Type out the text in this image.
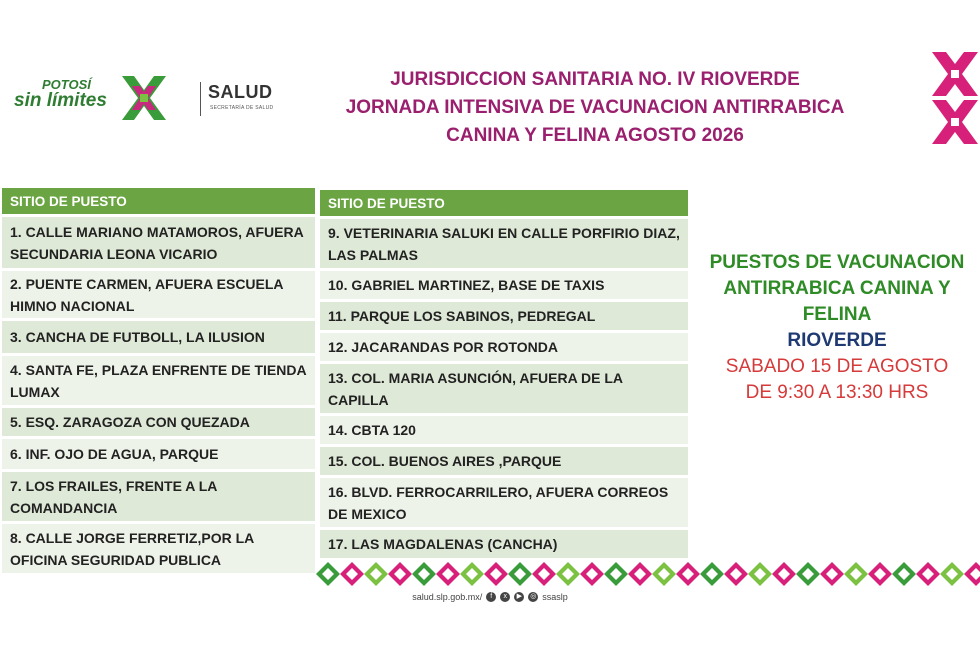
POTOSÍ
sin límites	SALUD
SECRETARÍA DE SALUD
JURISDICCION SANITARIA NO. IV RIOVERDE
JORNADA INTENSIVA DE VACUNACION ANTIRRABICA
CANINA Y FELINA AGOSTO 2026
SITIO DE PUESTO
1. CALLE MARIANO MATAMOROS, AFUERA SECUNDARIA LEONA VICARIO
2. PUENTE CARMEN, AFUERA ESCUELA HIMNO NACIONAL
3. CANCHA DE FUTBOLL, LA ILUSION
4. SANTA FE, PLAZA ENFRENTE DE TIENDA LUMAX
5. ESQ. ZARAGOZA CON QUEZADA
6. INF. OJO DE AGUA, PARQUE
7. LOS FRAILES, FRENTE A LA COMANDANCIA
8. CALLE JORGE FERRETIZ,POR LA OFICINA SEGURIDAD PUBLICA
SITIO DE PUESTO
9. VETERINARIA SALUKI EN CALLE PORFIRIO DIAZ, LAS PALMAS
10. GABRIEL MARTINEZ, BASE DE TAXIS
11. PARQUE LOS SABINOS, PEDREGAL
12. JACARANDAS POR ROTONDA
13. COL. MARIA ASUNCIÓN, AFUERA DE LA CAPILLA
14. CBTA 120
15. COL. BUENOS AIRES ,PARQUE
16. BLVD. FERROCARRILERO, AFUERA CORREOS DE MEXICO
17. LAS MAGDALENAS (CANCHA)
PUESTOS DE VACUNACION ANTIRRABICA CANINA Y FELINA
RIOVERDE
SABADO 15 DE AGOSTO
DE 9:30 A 13:30 HRS
salud.slp.gob.mx/	f	x	▶	◎ ssaslp
